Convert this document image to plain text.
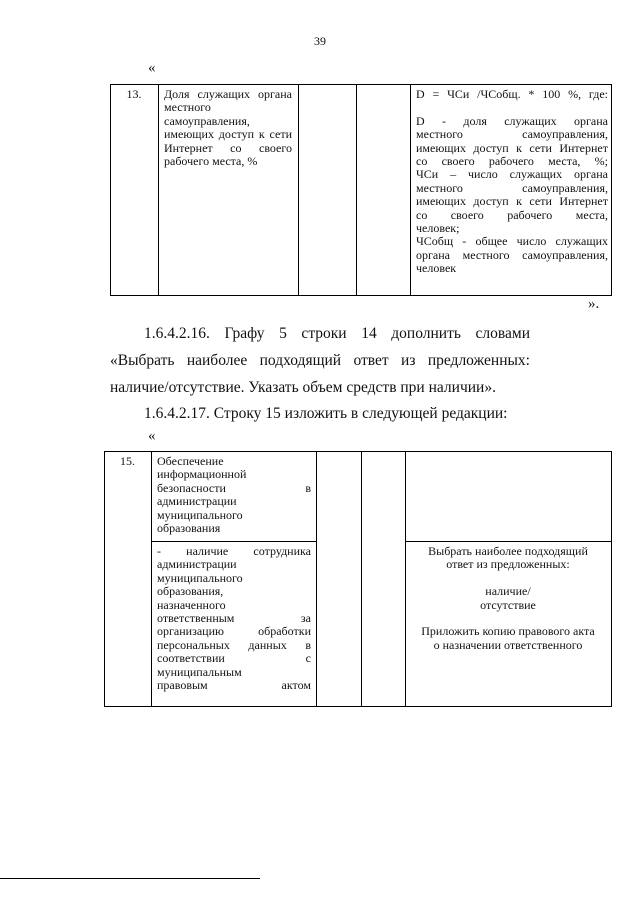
39
«
13.	Доля служащих органа местного самоуправления, имеющих доступ к сети Интернет со своего рабочего места, %
D = ЧСи /ЧСобщ. * 100 %, где:
D - доля служащих органа
местного самоуправления,
имеющих доступ к сети Интернет
со своего рабочего места, %;
ЧСи – число служащих органа
местного самоуправления,
имеющих доступ к сети Интернет
со своего рабочего места,
человек;
ЧСобщ - общее число служащих
органа местного самоуправления,
человек
».
1.6.4.2.16. Графу 5 строки 14 дополнить словами «Выбрать наиболее подходящий ответ из предложенных: наличие/отсутствие. Указать объем средств при наличии».
1.6.4.2.17. Строку 15 изложить в следующей редакции:
«
15.	Обеспечение
информационной
безопасности в
администрации
муниципального
образования
- наличие сотрудника
администрации
муниципального
образования,
назначенного
ответственным за
организацию обработки
персональных данных в
соответствии с
муниципальным
правовым актом
Выбрать наиболее подходящий
ответ из предложенных:
наличие/
отсутствие
Приложить копию правового акта
о назначении ответственного
